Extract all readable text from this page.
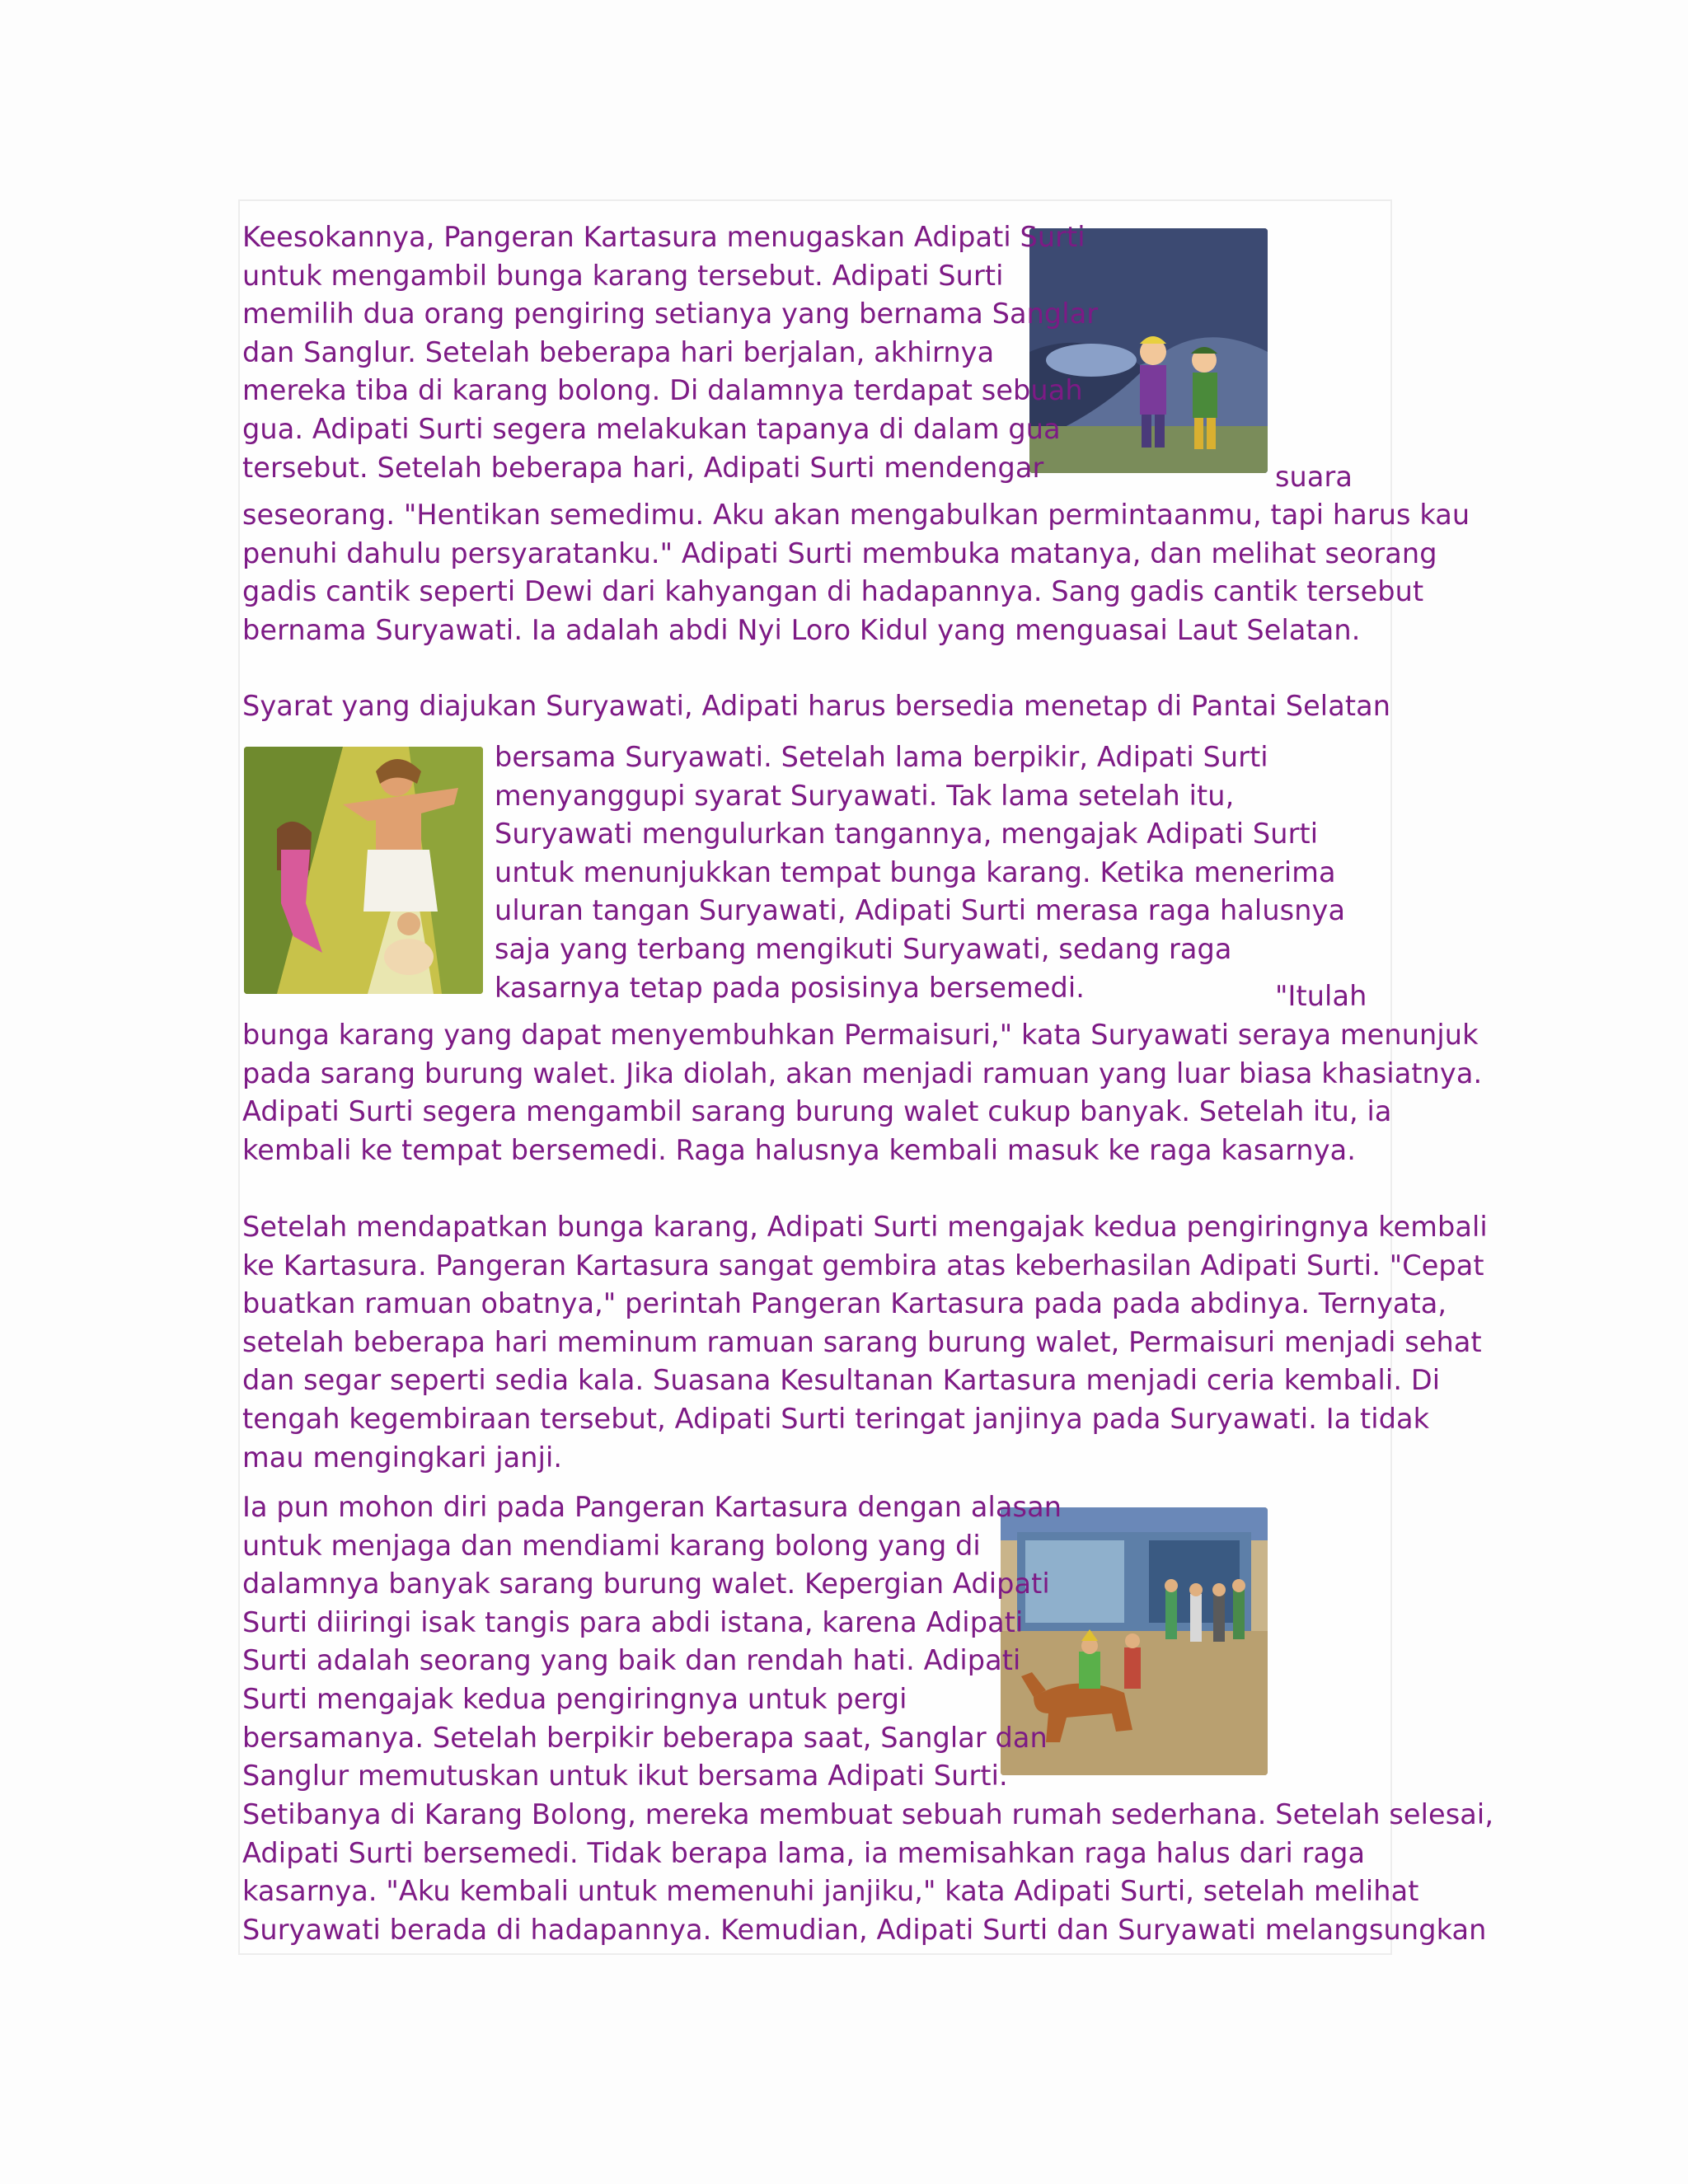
Keesokannya, Pangeran Kartasura menugaskan Adipati Surti

untuk mengambil bunga karang tersebut. Adipati Surti

memilih dua orang pengiring setianya yang bernama Sanglar

dan Sanglur. Setelah beberapa hari berjalan, akhirnya

mereka tiba di karang bolong. Di dalamnya terdapat sebuah

gua. Adipati Surti segera melakukan tapanya di dalam gua

tersebut. Setelah beberapa hari, Adipati Surti mendengar	suara

seseorang. "Hentikan semedimu. Aku akan mengabulkan permintaanmu, tapi harus kau

penuhi dahulu persyaratanku." Adipati Surti membuka matanya, dan melihat seorang

gadis cantik seperti Dewi dari kahyangan di hadapannya. Sang gadis cantik tersebut

bernama Suryawati. Ia adalah abdi Nyi Loro Kidul yang menguasai Laut Selatan.

Syarat yang diajukan Suryawati, Adipati harus bersedia menetap di Pantai Selatan

bersama Suryawati. Setelah lama berpikir, Adipati Surti

menyanggupi syarat Suryawati. Tak lama setelah itu,

Suryawati mengulurkan tangannya, mengajak Adipati Surti

untuk menunjukkan tempat bunga karang. Ketika menerima

uluran tangan Suryawati, Adipati Surti merasa raga halusnya

saja yang terbang mengikuti Suryawati, sedang raga

kasarnya tetap pada posisinya bersemedi.	"Itulah

bunga karang yang dapat menyembuhkan Permaisuri," kata Suryawati seraya menunjuk

pada sarang burung walet. Jika diolah, akan menjadi ramuan yang luar biasa khasiatnya.

Adipati Surti segera mengambil sarang burung walet cukup banyak. Setelah itu, ia

kembali ke tempat bersemedi. Raga halusnya kembali masuk ke raga kasarnya.

Setelah mendapatkan bunga karang, Adipati Surti mengajak kedua pengiringnya kembali

ke Kartasura. Pangeran Kartasura sangat gembira atas keberhasilan Adipati Surti. "Cepat

buatkan ramuan obatnya," perintah Pangeran Kartasura pada pada abdinya. Ternyata,

setelah beberapa hari meminum ramuan sarang burung walet, Permaisuri menjadi sehat

dan segar seperti sedia kala. Suasana Kesultanan Kartasura menjadi ceria kembali. Di

tengah kegembiraan tersebut, Adipati Surti teringat janjinya pada Suryawati. Ia tidak

mau mengingkari janji.

Ia pun mohon diri pada Pangeran Kartasura dengan alasan

untuk menjaga dan mendiami karang bolong yang di

dalamnya banyak sarang burung walet. Kepergian Adipati

Surti diiringi isak tangis para abdi istana, karena Adipati

Surti adalah seorang yang baik dan rendah hati. Adipati

Surti mengajak kedua pengiringnya untuk pergi

bersamanya. Setelah berpikir beberapa saat, Sanglar dan

Sanglur memutuskan untuk ikut bersama Adipati Surti.

Setibanya di Karang Bolong, mereka membuat sebuah rumah sederhana. Setelah selesai,

Adipati Surti bersemedi. Tidak berapa lama, ia memisahkan raga halus dari raga

kasarnya. "Aku kembali untuk memenuhi janjiku," kata Adipati Surti, setelah melihat

Suryawati berada di hadapannya. Kemudian, Adipati Surti dan Suryawati melangsungkan
